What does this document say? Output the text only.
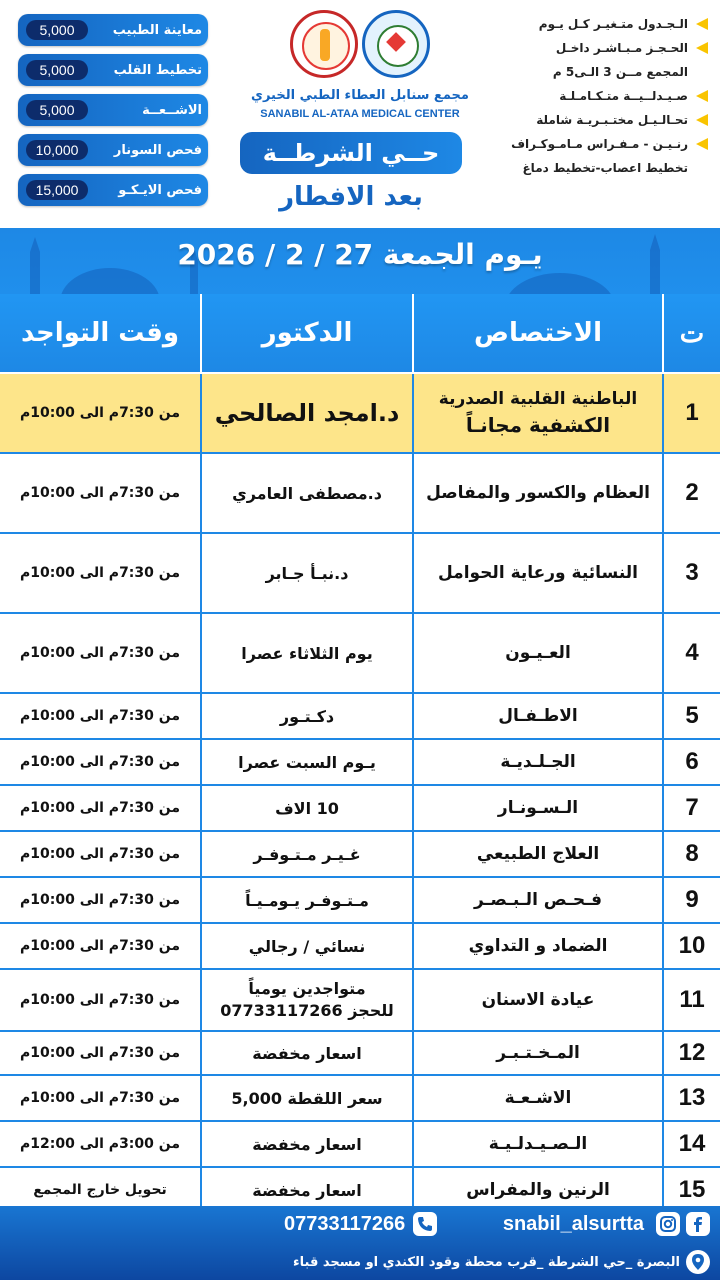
معاينة الطبيب
5,000
تخطيط القلب
5,000
الاشــعــة
5,000
فحص السونار
10,000
فحص الايـكـو
15,000
مجمع سنابل العطاء الطبي الخيري
SANABIL AL-ATAA MEDICAL CENTER
حــي الشرطــة
بعد الافطار
الـجـدول متـغيـر كـل يـوم
الحـجـز مـبـاشـر داخـل
المجمع مــن 3 الـى5 م
صـيـدلــيــة متـكـامـلـة
تحـالـيـل مختـبـريـة شاملة
رنـيـن - مـفـراس مـامـوكـراف
تخطيط اعصاب-تخطيط دماغ
يـوم الجمعة 27 / 2 / 2026
ت
الاختصاص
الدكتور
وقت التواجد
1
الباطنية القلبية الصدرية
الكشفية مجانـاً
د.امجد الصالحي
من 7:30م الى 10:00م
2
العظام والكسور والمفاصل
د.مصطفى العامري
من 7:30م الى 10:00م
3
النسائية ورعاية الحوامل
د.نبـأ جـابر
من 7:30م الى 10:00م
4
العـيـون
يوم الثلاثاء عصرا
من 7:30م الى 10:00م
5
الاطـفـال
دكـتـور
من 7:30م الى 10:00م
6
الجـلـديـة
يـوم السبت عصرا
من 7:30م الى 10:00م
7
الـسـونـار
10 الاف
من 7:30م الى 10:00م
8
العلاج الطبيعي
غـيـر مـتـوفـر
من 7:30م الى 10:00م
9
فـحـص الـبـصـر
مـتـوفـر يـومـيـاً
من 7:30م الى 10:00م
10
الضماد و التداوي
نسائي / رجالي
من 7:30م الى 10:00م
11
عيادة الاسنان
متواجدين يومياً
للحجز 07733117266
من 7:30م الى 10:00م
12
المـخـتـبـر
اسعار مخفضة
من 7:30م الى 10:00م
13
الاشـعـة
سعر اللقطة 5,000
من 7:30م الى 10:00م
14
الـصـيـدلـيـة
اسعار مخفضة
من 3:00م الى 12:00م
15
الرنين والمفراس
اسعار مخفضة
تحويل خارج المجمع
07733117266	snabil_alsurtta
البصرة _حي الشرطة _قرب محطة وقود الكندي او مسجد قباء
